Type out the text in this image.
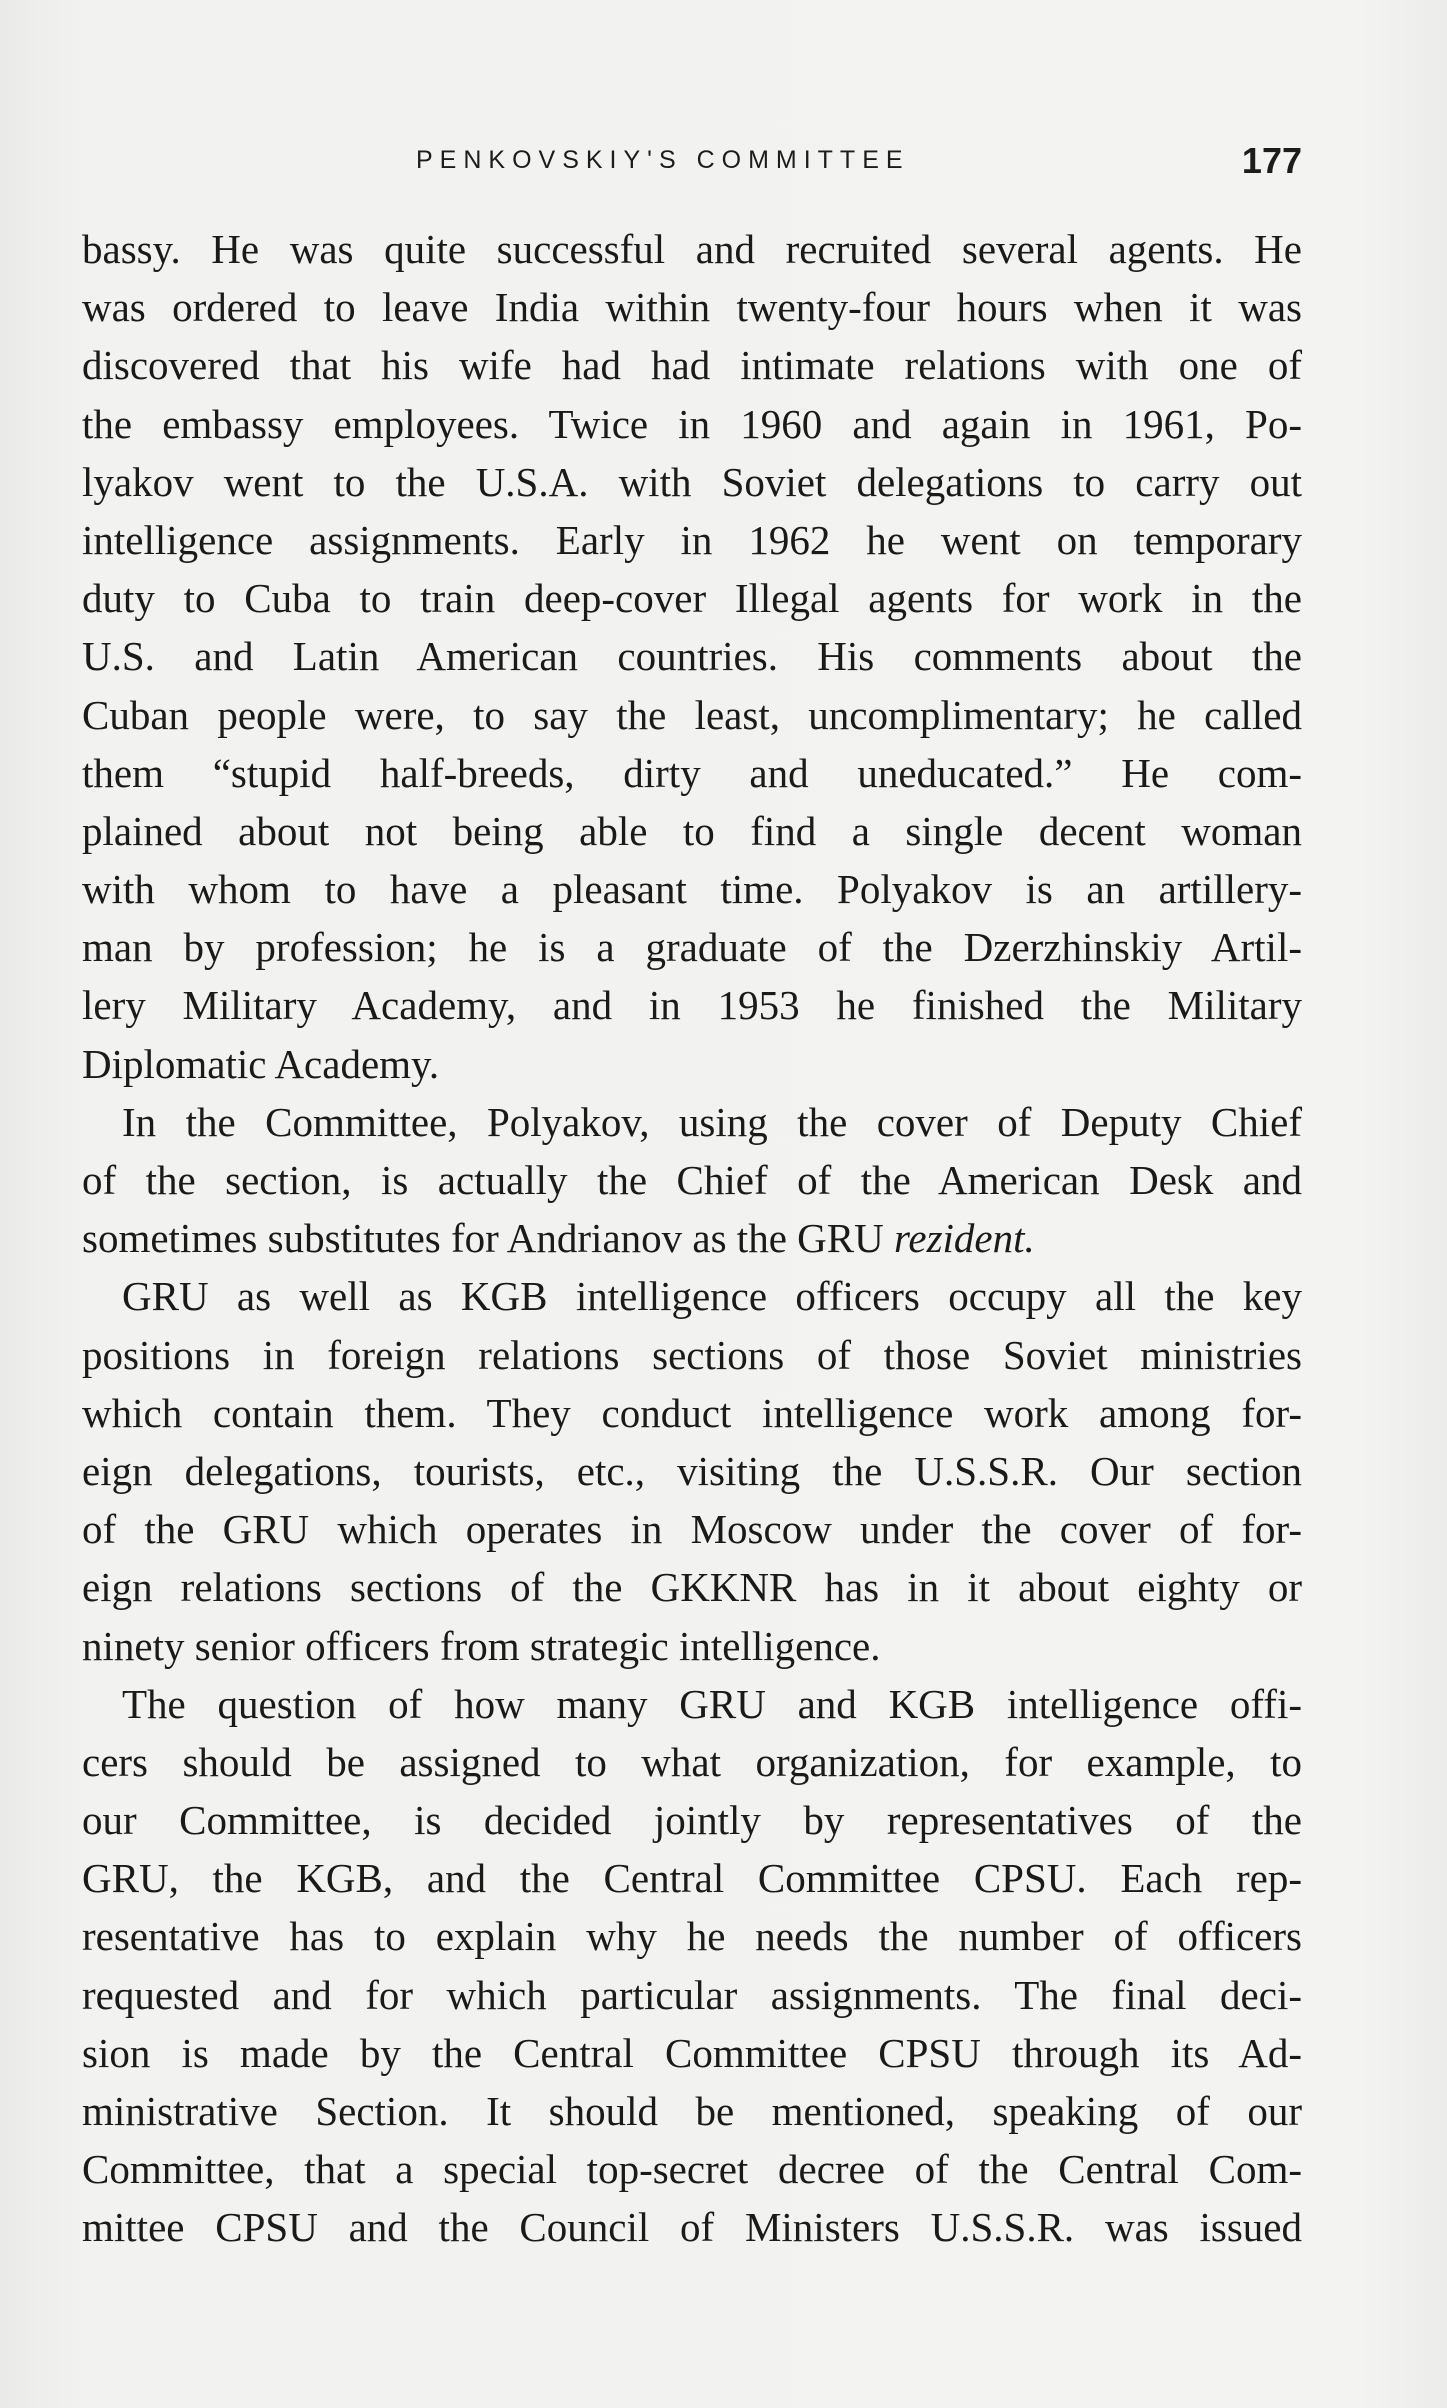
PENKOVSKIY'S COMMITTEE	177
bassy. He was quite successful and recruited several agents. He
was ordered to leave India within twenty-four hours when it was
discovered that his wife had had intimate relations with one of
the embassy employees. Twice in 1960 and again in 1961, Po-
lyakov went to the U.S.A. with Soviet delegations to carry out
intelligence assignments. Early in 1962 he went on temporary
duty to Cuba to train deep-cover Illegal agents for work in the
U.S. and Latin American countries. His comments about the
Cuban people were, to say the least, uncomplimentary; he called
them “stupid half-breeds, dirty and uneducated.” He com-
plained about not being able to find a single decent woman
with whom to have a pleasant time. Polyakov is an artillery-
man by profession; he is a graduate of the Dzerzhinskiy Artil-
lery Military Academy, and in 1953 he finished the Military
Diplomatic Academy.
In the Committee, Polyakov, using the cover of Deputy Chief
of the section, is actually the Chief of the American Desk and
sometimes substitutes for Andrianov as the GRU rezident.
GRU as well as KGB intelligence officers occupy all the key
positions in foreign relations sections of those Soviet ministries
which contain them. They conduct intelligence work among for-
eign delegations, tourists, etc., visiting the U.S.S.R. Our section
of the GRU which operates in Moscow under the cover of for-
eign relations sections of the GKKNR has in it about eighty or
ninety senior officers from strategic intelligence.
The question of how many GRU and KGB intelligence offi-
cers should be assigned to what organization, for example, to
our Committee, is decided jointly by representatives of the
GRU, the KGB, and the Central Committee CPSU. Each rep-
resentative has to explain why he needs the number of officers
requested and for which particular assignments. The final deci-
sion is made by the Central Committee CPSU through its Ad-
ministrative Section. It should be mentioned, speaking of our
Committee, that a special top-secret decree of the Central Com-
mittee CPSU and the Council of Ministers U.S.S.R. was issued
